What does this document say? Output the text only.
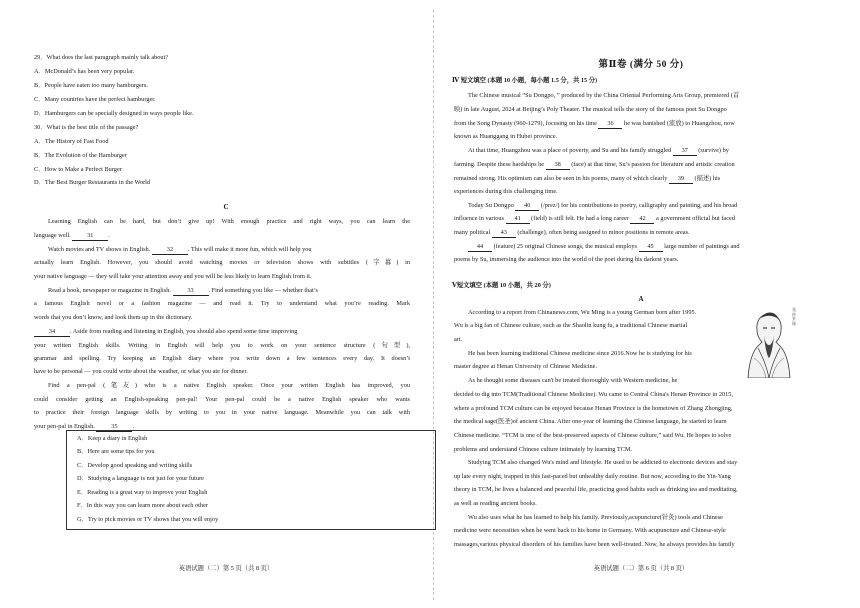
29．What does the last paragraph mainly talk about?
A．McDonald’s has been very popular.
B．People have eaten too many hamburgers.
C．Many countries have the perfect hamburger.
D．Hamburgers can be specially designed in ways people like.
30．What is the best title of the passage?
A．The History of Fast Food
B．The Evolution of the Hamburger
C．How to Make a Perfect Burger
D．The Best Burger Restaurants in the World
C
Learning English can be hard, but don’t give up! With enough practice and right ways, you can learn the
language well. 31 .
Watch movies and TV shows in English. 32 . This will make it more fun, which will help you
actually learn English. However, you should avoid watching movies or television shows with subtitles (字幕) in
your native language — they will take your attention away and you will be less likely to learn English from it.
Read a book, newspaper or magazine in English. 33 . Find something you like — whether that’s
a famous English novel or a fashion magazine — and read it. Try to understand what you’re reading. Mark
words that you don’t know, and look them up in the dictionary.
34 . Aside from reading and listening in English, you should also spend some time improving
your written English skills. Writing in English will help you to work on your sentence structure (句型),
grammar and spelling. Try keeping an English diary where you write down a few sentences every day. It doesn’t
have to be personal — you could write about the weather, or what you ate for dinner.
Find a pen-pal (笔友) who is a native English speaker. Once your written English has improved, you
could consider getting an English-speaking pen-pal! Your pen-pal could be a native English speaker who wants
to practice their foreign language skills by writing to you in your native language. Meanwhile you can talk with
your pen-pal in English. 35 .
A．Keep a diary in English
B．Here are some tips for you
C．Develop good speaking and writing skills
D．Studying a language is not just for your future
E．Reading is a great way to improve your English
F．In this way you can learn more about each other
G．Try to pick movies or TV shows that you will enjoy
英语试题（二）第 5 页（共 8 页）
第Ⅱ卷 (满分 50 分)
Ⅳ 短文填空 (本题 10 小题，每小题 1.5 分，共 15 分)
The Chinese musical “Su Dongpo, ” produced by the China Oriental Performing Arts Group, premiered (首
映) in late August, 2024 at Beijing’s Poly Theater. The musical tells the story of the famous poet Su Dongpo
from the Song Dynasty (960-1279), focusing on his time 36 he was banished (流放) to Huangzhou, now
known as Huanggang in Hubei province.
At that time, Huangzhou was a place of poverty, and Su and his family struggled 37 (survive) by
farming. Despite these hardships he 38 (face) at that time, Su’s passion for literature and artistic creation
remained strong. His optimism can also be seen in his poems, many of which clearly 39 (描述) his
experiences during this challenging time.
Today Su Dongpo 40 (/prez/) for his contributions to poetry, calligraphy and painting, and his broad
influence in various 41 (field) is still felt. He had a long career 42 a government official but faced
many political 43 (challenge), often being assigned to minor positions in remote areas.
44 (feature) 25 original Chinese songs, the musical employs 45 large number of paintings and
poems by Su, immersing the audience into the world of the poet during his darkest years.
Ⅴ短文填空 (本题 10 小题，共 20 分)
A
According to a report from Chinanews.com, Wu Ming is a young German born after 1995.
Wu is a big fan of Chinese culture, such as the Shaolin kung fu, a traditional Chinese martial
art.
He has been learning traditional Chinese medicine since 2016.Now he is studying for his
master degree at Henan University of Chinese Medicine.
As he thought some diseases can't be treated thoroughly with Western medicine, he
張仲景像
decided to dig into TCM(Traditional Chinese Medicine). Wu came to Central China's Henan Province in 2015,
where a profound TCM culture can be enjoyed because Henan Province is the hometown of Zhang Zhongjing,
the medical sage(医圣)of ancient China. After one-year of learning the Chinese language, he started to learn
Chinese medicine. “TCM is one of the best-preserved aspects of Chinese culture,” said Wu. He hopes to solve
problems and understand Chinese culture intimately by learning TCM.
Studying TCM also changed Wu's mind and lifestyle. He used to be addicted to electronic devices and stay
up late every night, trapped in this fast-paced but unhealthy daily routine. But now, according to the Yin-Yang
theory in TCM, he lives a balanced and peaceful life, practicing good habits such as drinking tea and meditating,
as well as reading ancient books.
Wu also uses what he has learned to help his family. Previously,acupuncture(针灸) tools and Chinese
medicine were necessities when he went back to his home in Germany. With acupuncture and Chinese-style
massages,various physical disorders of his families have been well-treated. Now, he always provides his family
英语试题（二）第 6 页（共 8 页）
